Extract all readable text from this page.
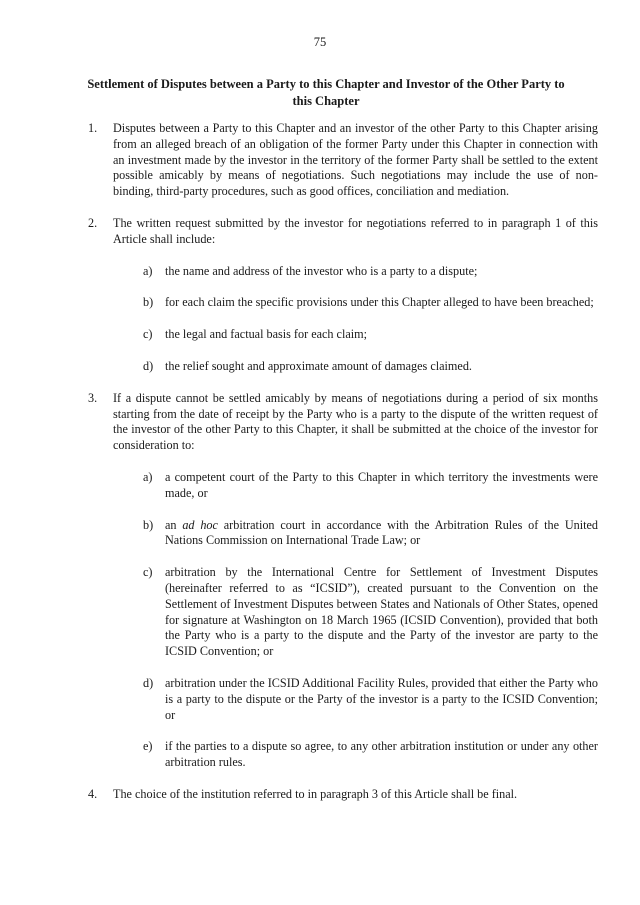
75
Settlement of Disputes between a Party to this Chapter and Investor of the Other Party to this Chapter
1. Disputes between a Party to this Chapter and an investor of the other Party to this Chapter arising from an alleged breach of an obligation of the former Party under this Chapter in connection with an investment made by the investor in the territory of the former Party shall be settled to the extent possible amicably by means of negotiations. Such negotiations may include the use of non-binding, third-party procedures, such as good offices, conciliation and mediation.

2. The written request submitted by the investor for negotiations referred to in paragraph 1 of this Article shall include:

a) the name and address of the investor who is a party to a dispute;
b) for each claim the specific provisions under this Chapter alleged to have been breached;
c) the legal and factual basis for each claim;
d) the relief sought and approximate amount of damages claimed.
3. If a dispute cannot be settled amicably by means of negotiations during a period of six months starting from the date of receipt by the Party who is a party to the dispute of the written request of the investor of the other Party to this Chapter, it shall be submitted at the choice of the investor for consideration to:

a) a competent court of the Party to this Chapter in which territory the investments were made, or
b) an ad hoc arbitration court in accordance with the Arbitration Rules of the United Nations Commission on International Trade Law; or
c) arbitration by the International Centre for Settlement of Investment Disputes (hereinafter referred to as “ICSID”), created pursuant to the Convention on the Settlement of Investment Disputes between States and Nationals of Other States, opened for signature at Washington on 18 March 1965 (ICSID Convention), provided that both the Party who is a party to the dispute and the Party of the investor are party to the ICSID Convention; or
d) arbitration under the ICSID Additional Facility Rules, provided that either the Party who is a party to the dispute or the Party of the investor is a party to the ICSID Convention; or
e) if the parties to a dispute so agree, to any other arbitration institution or under any other arbitration rules.
4. The choice of the institution referred to in paragraph 3 of this Article shall be final.
